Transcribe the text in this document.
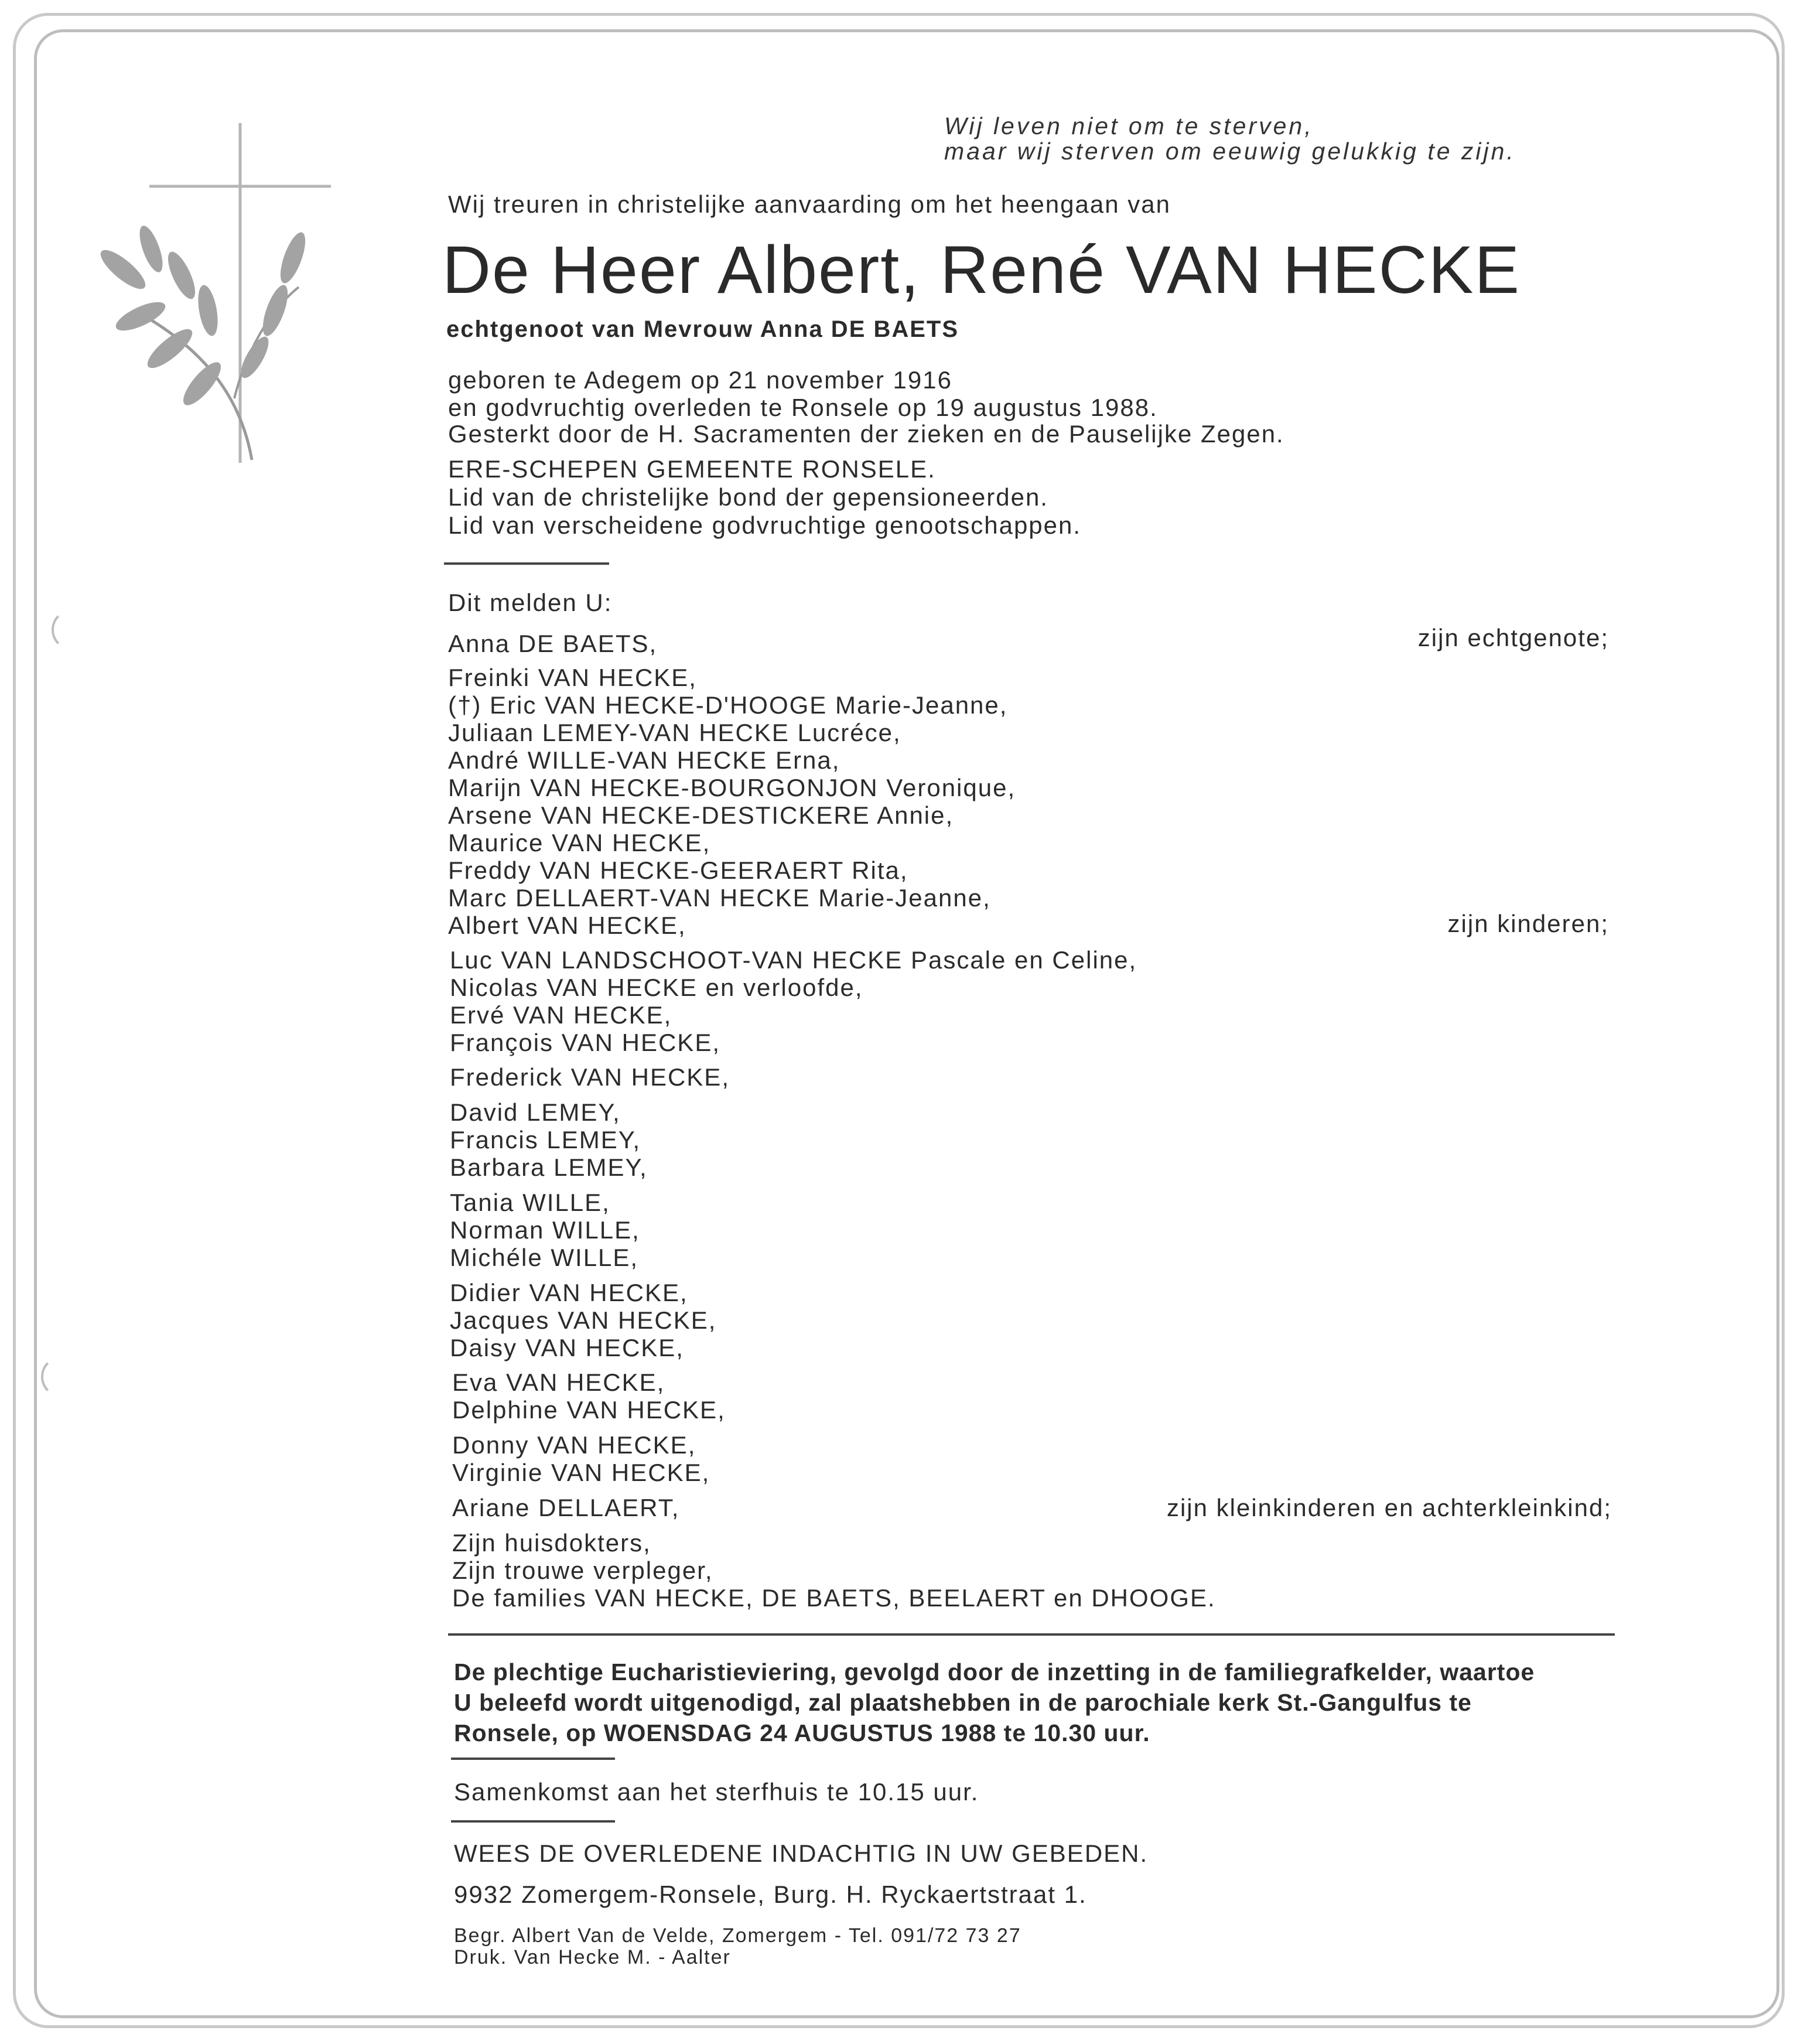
Wij leven niet om te sterven,
maar wij sterven om eeuwig gelukkig te zijn.
Wij treuren in christelijke aanvaarding om het heengaan van
De Heer Albert, René VAN HECKE
echtgenoot van Mevrouw Anna DE BAETS
geboren te Adegem op 21 november 1916
en godvruchtig overleden te Ronsele op 19 augustus 1988.
Gesterkt door de H. Sacramenten der zieken en de Pauselijke Zegen.
ERE-SCHEPEN GEMEENTE RONSELE.
Lid van de christelijke bond der gepensioneerden.
Lid van verscheidene godvruchtige genootschappen.
Dit melden U:
Anna DE BAETS,	zijn echtgenote;
Freinki VAN HECKE,
(†) Eric VAN HECKE-D'HOOGE Marie-Jeanne,
Juliaan LEMEY-VAN HECKE Lucréce,
André WILLE-VAN HECKE Erna,
Marijn VAN HECKE-BOURGONJON Veronique,
Arsene VAN HECKE-DESTICKERE Annie,
Maurice VAN HECKE,
Freddy VAN HECKE-GEERAERT Rita,
Marc DELLAERT-VAN HECKE Marie-Jeanne,
Albert VAN HECKE,	zijn kinderen;
Luc VAN LANDSCHOOT-VAN HECKE Pascale en Celine,
Nicolas VAN HECKE en verloofde,
Ervé VAN HECKE,
François VAN HECKE,
Frederick VAN HECKE,
David LEMEY,
Francis LEMEY,
Barbara LEMEY,
Tania WILLE,
Norman WILLE,
Michéle WILLE,
Didier VAN HECKE,
Jacques VAN HECKE,
Daisy VAN HECKE,
Eva VAN HECKE,
Delphine VAN HECKE,
Donny VAN HECKE,
Virginie VAN HECKE,
Ariane DELLAERT,	zijn kleinkinderen en achterkleinkind;
Zijn huisdokters,
Zijn trouwe verpleger,
De families VAN HECKE, DE BAETS, BEELAERT en DHOOGE.
De plechtige Eucharistieviering, gevolgd door de inzetting in de familiegrafkelder, waartoe
U beleefd wordt uitgenodigd, zal plaatshebben in de parochiale kerk St.-Gangulfus te
Ronsele, op WOENSDAG 24 AUGUSTUS 1988 te 10.30 uur.
Samenkomst aan het sterfhuis te 10.15 uur.
WEES DE OVERLEDENE INDACHTIG IN UW GEBEDEN.
9932 Zomergem-Ronsele, Burg. H. Ryckaertstraat 1.
Begr. Albert Van de Velde, Zomergem - Tel. 091/72 73 27
Druk. Van Hecke M. - Aalter
